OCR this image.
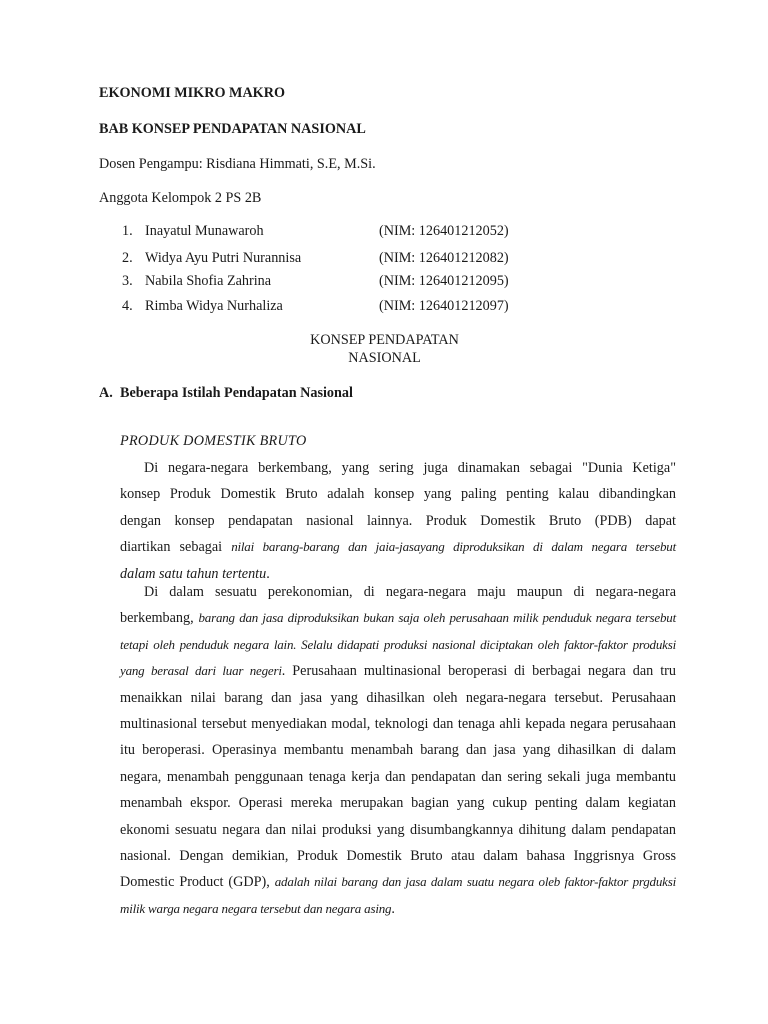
EKONOMI MIKRO MAKRO
BAB KONSEP PENDAPATAN NASIONAL
Dosen Pengampu: Risdiana Himmati, S.E, M.Si.
Anggota Kelompok 2 PS 2B
1. Inayatul Munawaroh	(NIM: 126401212052)
2. Widya Ayu Putri Nurannisa	(NIM: 126401212082)
3. Nabila Shofia Zahrina	(NIM: 126401212095)
4. Rimba Widya Nurhaliza	(NIM: 126401212097)
KONSEP PENDAPATAN
NASIONAL
A. Beberapa Istilah Pendapatan Nasional
PRODUK DOMESTIK BRUTO
Di negara-negara berkembang, yang sering juga dinamakan sebagai "Dunia Ketiga"
konsep Produk Domestik Bruto adalah konsep yang paling penting kalau dibandingkan
dengan konsep pendapatan nasional lainnya. Produk Domestik Bruto (PDB) dapat
diartikan sebagai nilai barang-barang dan jaia-jasayang diproduksikan di dalam negara tersebut
dalam satu tahun tertentu.

Di dalam sesuatu perekonomian, di negara-negara maju maupun di negara-negara berkembang, barang dan jasa diproduksikan bukan saja oleh perusahaan milik penduduk negara tersebut tetapi oleh penduduk negara lain. Selalu didapati produksi nasional diciptakan oleh faktor-faktor produksi yang berasal dari luar negeri. Perusahaan multinasional beroperasi di berbagai negara dan tru menaikkan nilai barang dan jasa yang dihasilkan oleh negara-negara tersebut. Perusahaan multinasional tersebut menyediakan modal, teknologi dan tenaga ahli kepada negara perusahaan itu beroperasi. Operasinya membantu menambah barang dan jasa yang dihasilkan di dalam negara, menambah penggunaan tenaga kerja dan pendapatan dan sering sekali juga membantu menambah ekspor. Operasi mereka merupakan bagian yang cukup penting dalam kegiatan ekonomi sesuatu negara dan nilai produksi yang disumbangkannya dihitung dalam pendapatan nasional. Dengan demikian, Produk Domestik Bruto atau dalam bahasa Inggrisnya Gross Domestic Product (GDP), adalah nilai barang dan jasa dalam suatu negara oleb faktor-faktor prgduksi milik warga negara negara tersebut dan negara asing.
